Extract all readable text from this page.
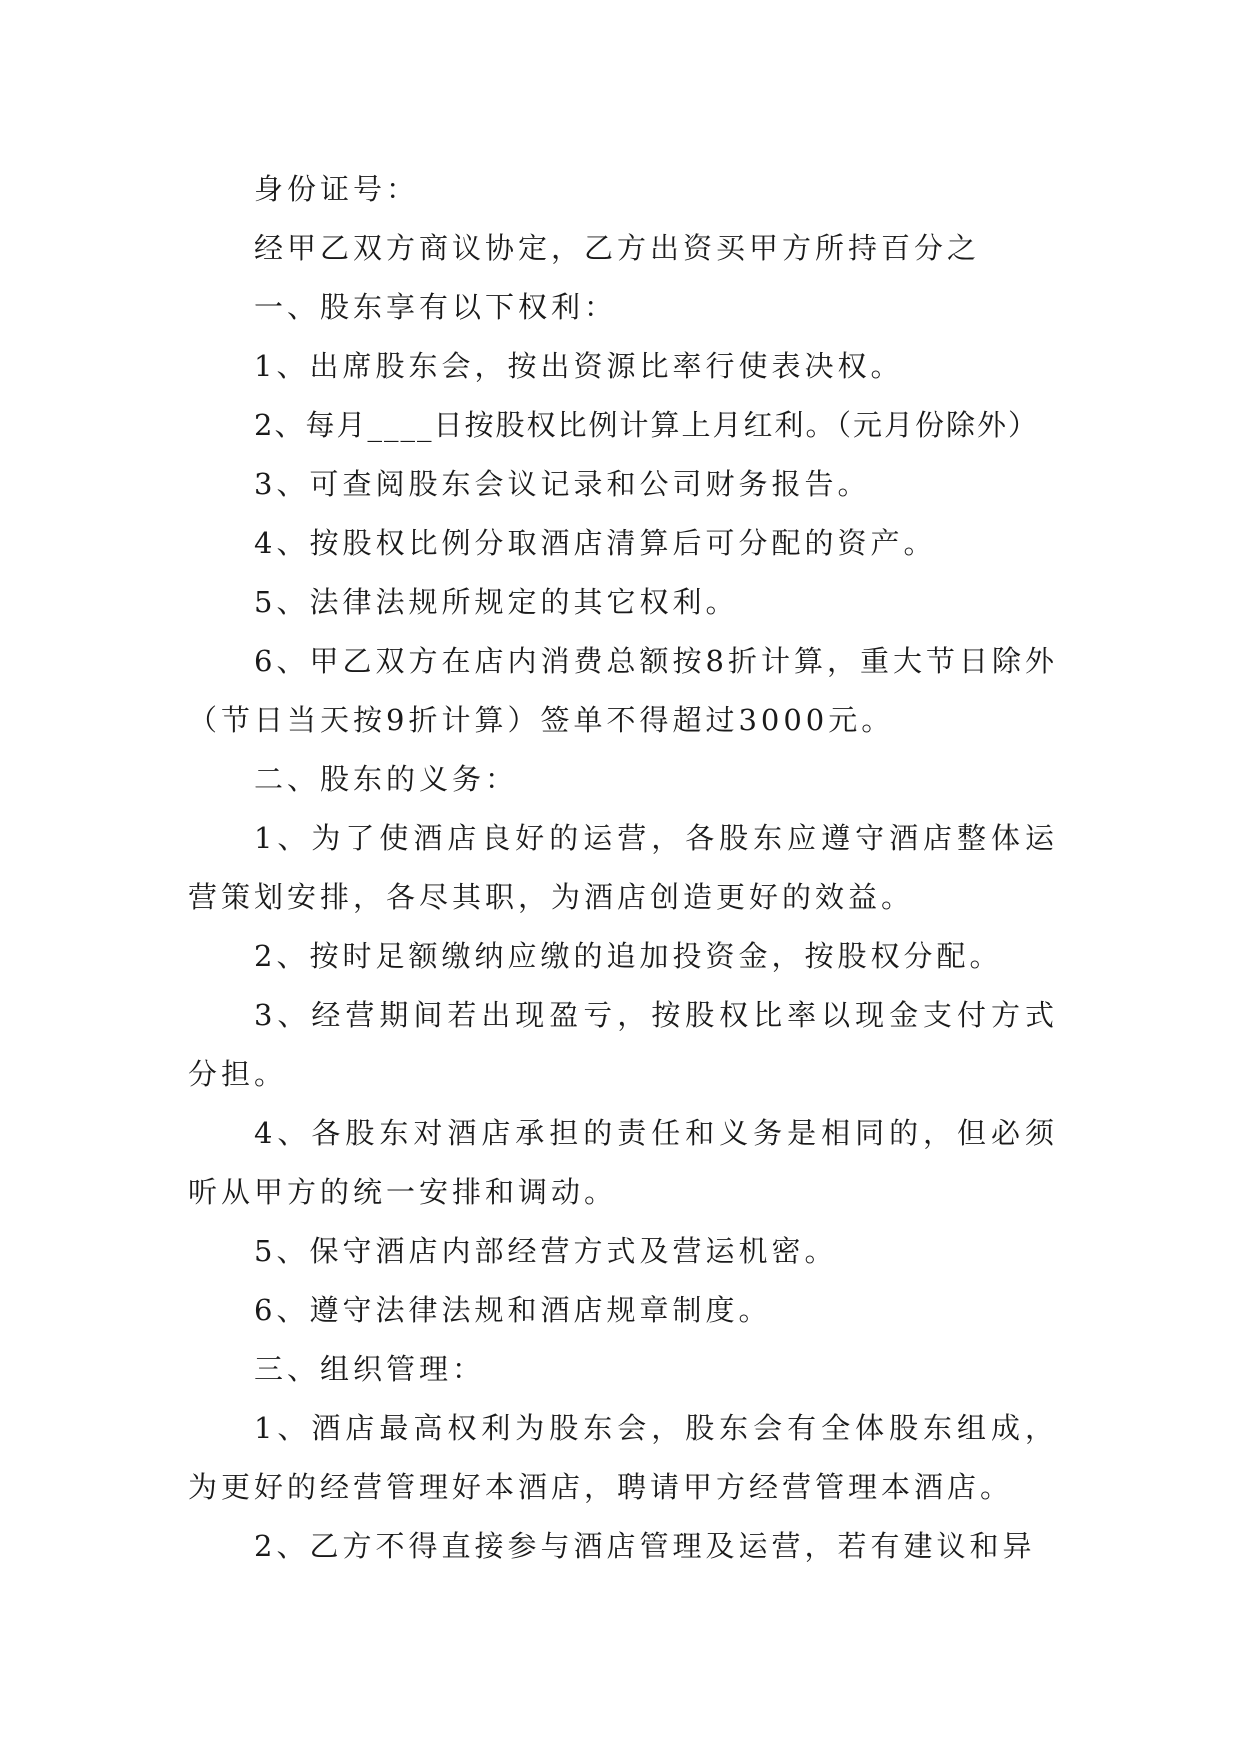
身份证号：

经甲乙双方商议协定，乙方出资买甲方所持百分之

一、股东享有以下权利：

1、出席股东会，按出资源比率行使表决权。

2、每月____日按股权比例计算上月红利。（元月份除外）

3、可查阅股东会议记录和公司财务报告。

4、按股权比例分取酒店清算后可分配的资产。

5、法律法规所规定的其它权利。

6、甲乙双方在店内消费总额按8折计算，重大节日除外（节日当天按9折计算）签单不得超过3000元。

二、股东的义务：

1、为了使酒店良好的运营，各股东应遵守酒店整体运营策划安排，各尽其职，为酒店创造更好的效益。

2、按时足额缴纳应缴的追加投资金，按股权分配。

3、经营期间若出现盈亏，按股权比率以现金支付方式分担。

4、各股东对酒店承担的责任和义务是相同的，但必须听从甲方的统一安排和调动。

5、保守酒店内部经营方式及营运机密。

6、遵守法律法规和酒店规章制度。

三、组织管理：

1、酒店最高权利为股东会，股东会有全体股东组成，为更好的经营管理好本酒店，聘请甲方经营管理本酒店。

2、乙方不得直接参与酒店管理及运营，若有建议和异
